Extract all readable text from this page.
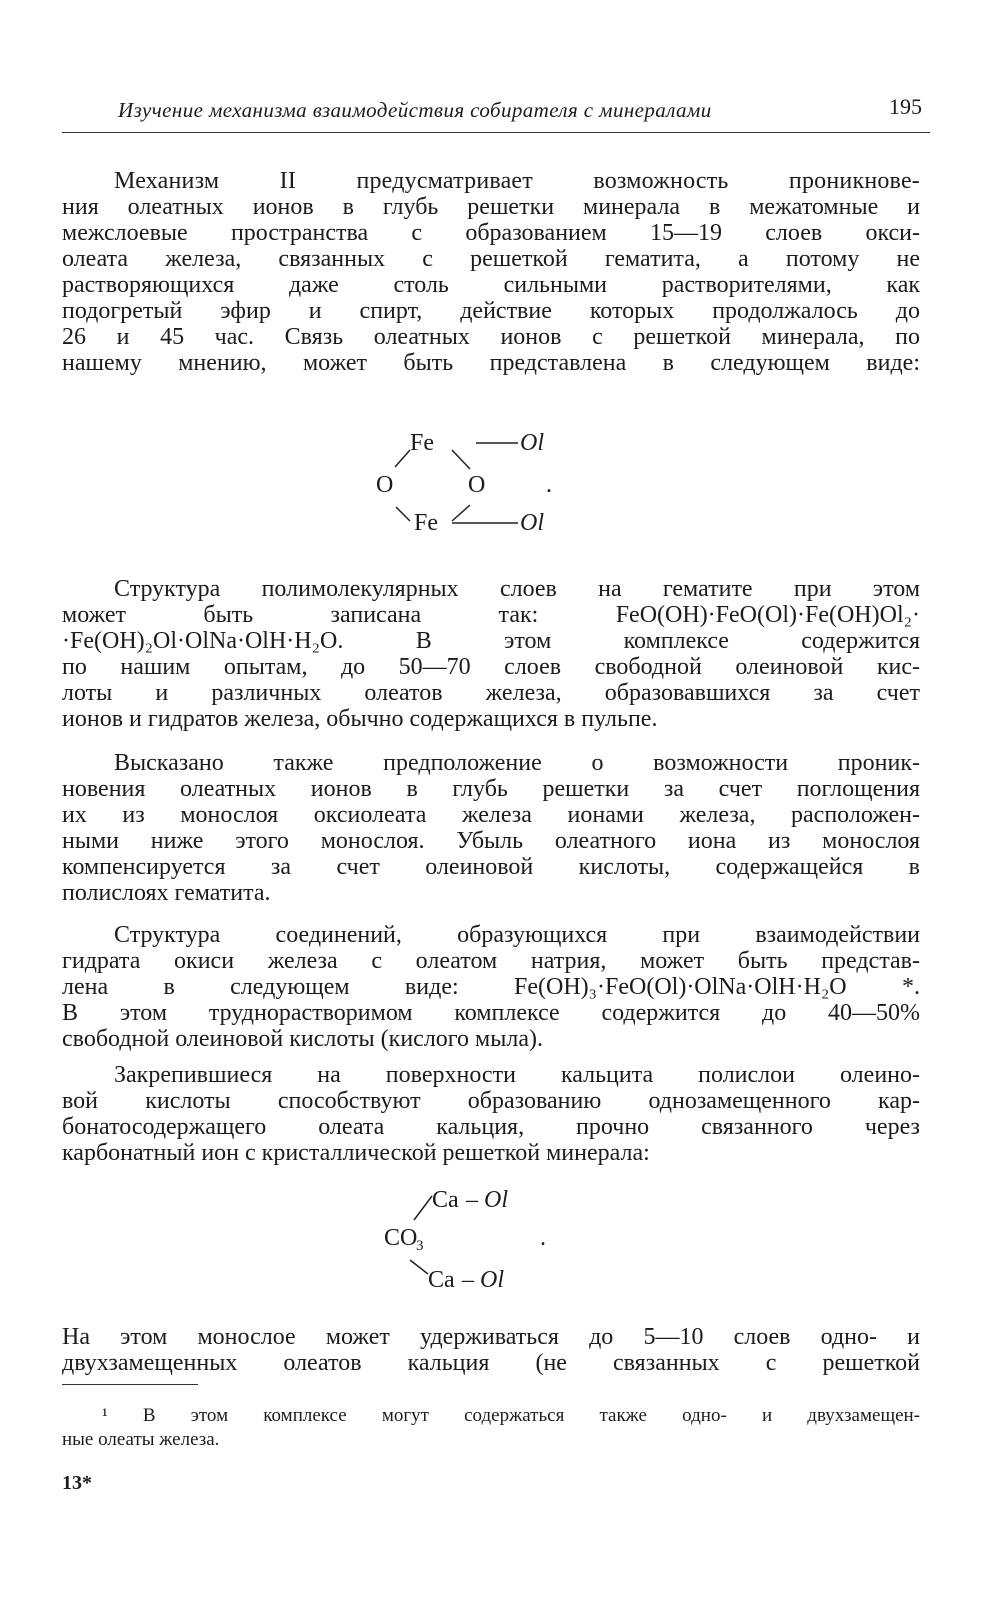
Изучение механизма взаимодействия собирателя с минералами	195
Механизм II предусматривает возможность проникнове-
ния олеатных ионов в глубь решетки минерала в межатомные и
межслоевые пространства с образованием 15—19 слоев окси-
олеата железа, связанных с решеткой гематита, а потому не
растворяющихся даже столь сильными растворителями, как
подогретый эфир и спирт, действие которых продолжалось до
26 и 45 час. Связь олеатных ионов с решеткой минерала, по
нашему мнению, может быть представлена в следующем виде:
Fe	Ol
O	O	.
Fe	Ol
Структура полимолекулярных слоев на гематите при этом
может быть записана так: FeO(OH)·FeO(Ol)·Fe(OH)Ol₂·
·Fe(OH)₂Ol·OlNa·OlH·H₂O. В этом комплексе содержится
по нашим опытам, до 50—70 слоев свободной олеиновой кис-
лоты и различных олеатов железа, образовавшихся за счет
ионов и гидратов железа, обычно содержащихся в пульпе.
Высказано также предположение о возможности проник-
новения олеатных ионов в глубь решетки за счет поглощения
их из монослоя оксиолеата железа ионами железа, расположен-
ными ниже этого монослоя. Убыль олеатного иона из монослоя
компенсируется за счет олеиновой кислоты, содержащейся в
полислоях гематита.
Структура соединений, образующихся при взаимодействии
гидрата окиси железа с олеатом натрия, может быть представ-
лена в следующем виде: Fe(OH)₃·FeO(Ol)·OlNa·OlH·H₂O *.
В этом труднорастворимом комплексе содержится до 40—50%
свободной олеиновой кислоты (кислого мыла).
Закрепившиеся на поверхности кальцита полислои олеино-
вой кислоты способствуют образованию однозамещенного кар-
бонатосодержащего олеата кальция, прочно связанного через
карбонатный ион с кристаллической решеткой минерала:
Ca – Ol
CO
3	.
Ca – Ol
На этом монослое может удерживаться до 5—10 слоев одно- и
двухзамещенных олеатов кальция (не связанных с решеткой
¹ В этом комплексе могут содержаться также одно- и двухзамещен-
ные олеаты железа.
13*
